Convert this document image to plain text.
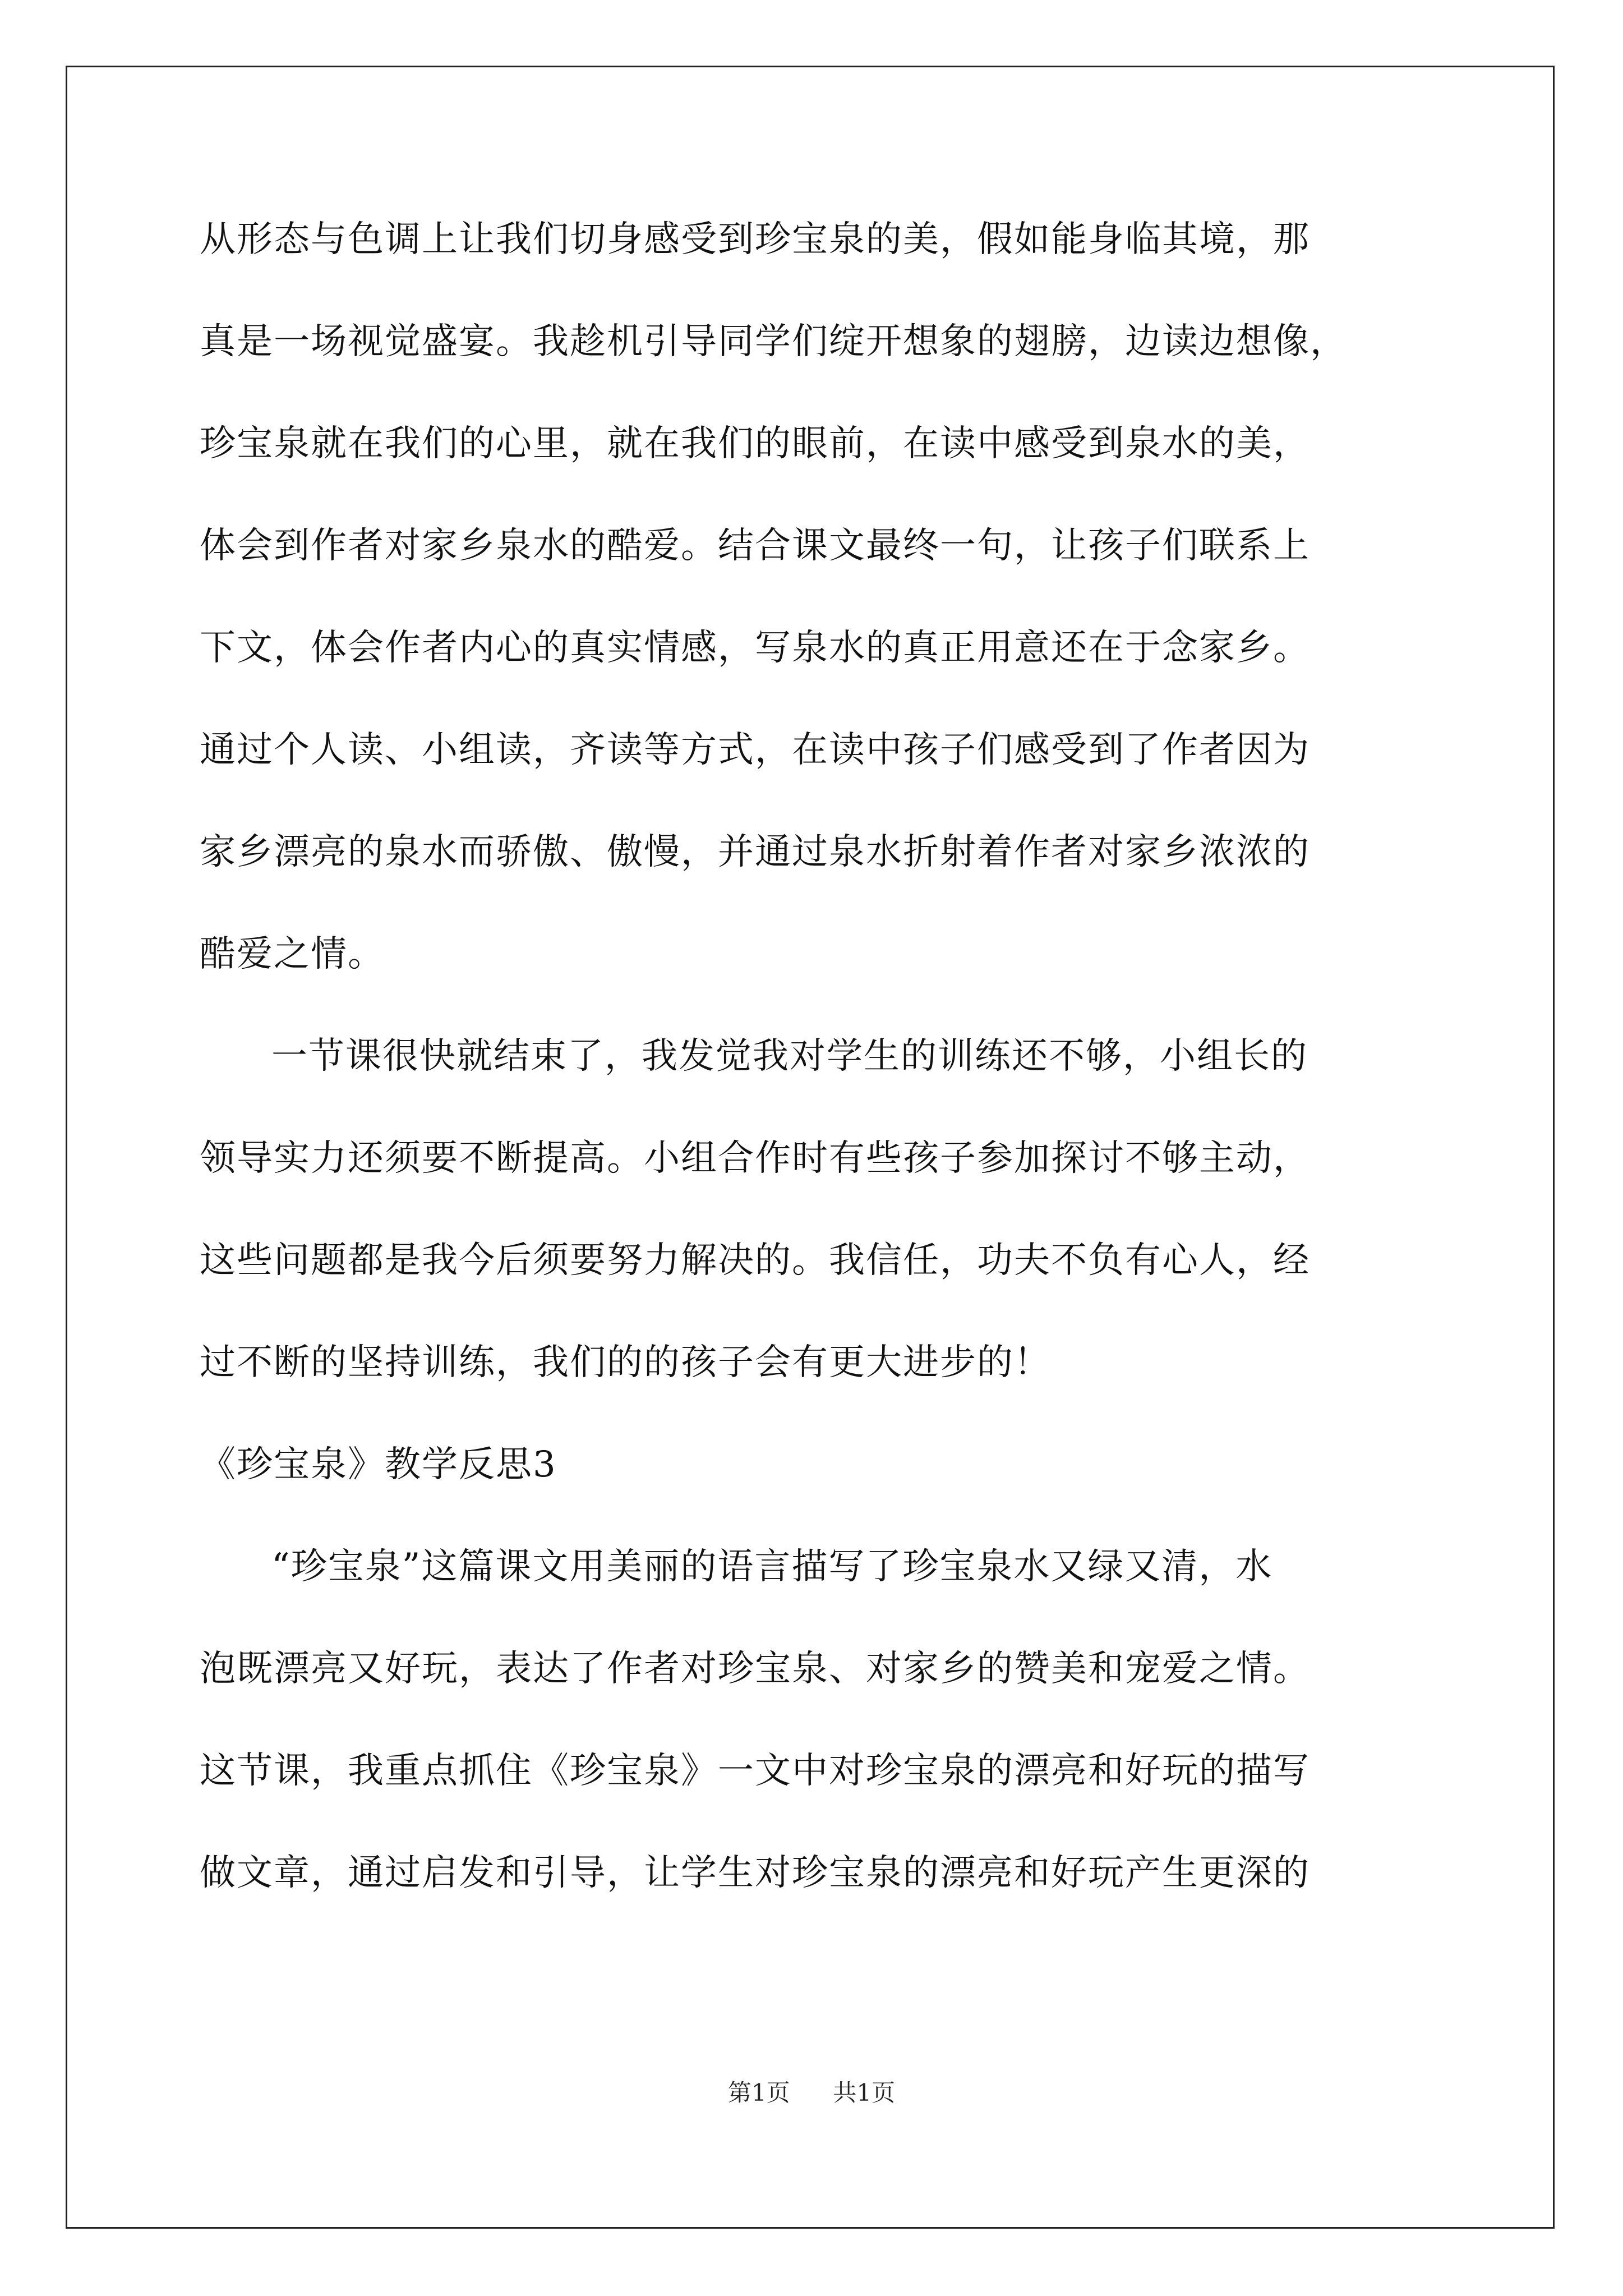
从形态与色调上让我们切身感受到珍宝泉的美，假如能身临其境，那
真是一场视觉盛宴。我趁机引导同学们绽开想象的翅膀，边读边想像，
珍宝泉就在我们的心里，就在我们的眼前，在读中感受到泉水的美，
体会到作者对家乡泉水的酷爱。结合课文最终一句，让孩子们联系上
下文，体会作者内心的真实情感，写泉水的真正用意还在于念家乡。
通过个人读、小组读，齐读等方式，在读中孩子们感受到了作者因为
家乡漂亮的泉水而骄傲、傲慢，并通过泉水折射着作者对家乡浓浓的
酷爱之情。
一节课很快就结束了，我发觉我对学生的训练还不够，小组长的
领导实力还须要不断提高。小组合作时有些孩子参加探讨不够主动，
这些问题都是我今后须要努力解决的。我信任，功夫不负有心人，经
过不断的坚持训练，我们的的孩子会有更大进步的！
《珍宝泉》教学反思3
“珍宝泉”这篇课文用美丽的语言描写了珍宝泉水又绿又清，水
泡既漂亮又好玩，表达了作者对珍宝泉、对家乡的赞美和宠爱之情。
这节课，我重点抓住《珍宝泉》一文中对珍宝泉的漂亮和好玩的描写
做文章，通过启发和引导，让学生对珍宝泉的漂亮和好玩产生更深的
第1页 共1页
